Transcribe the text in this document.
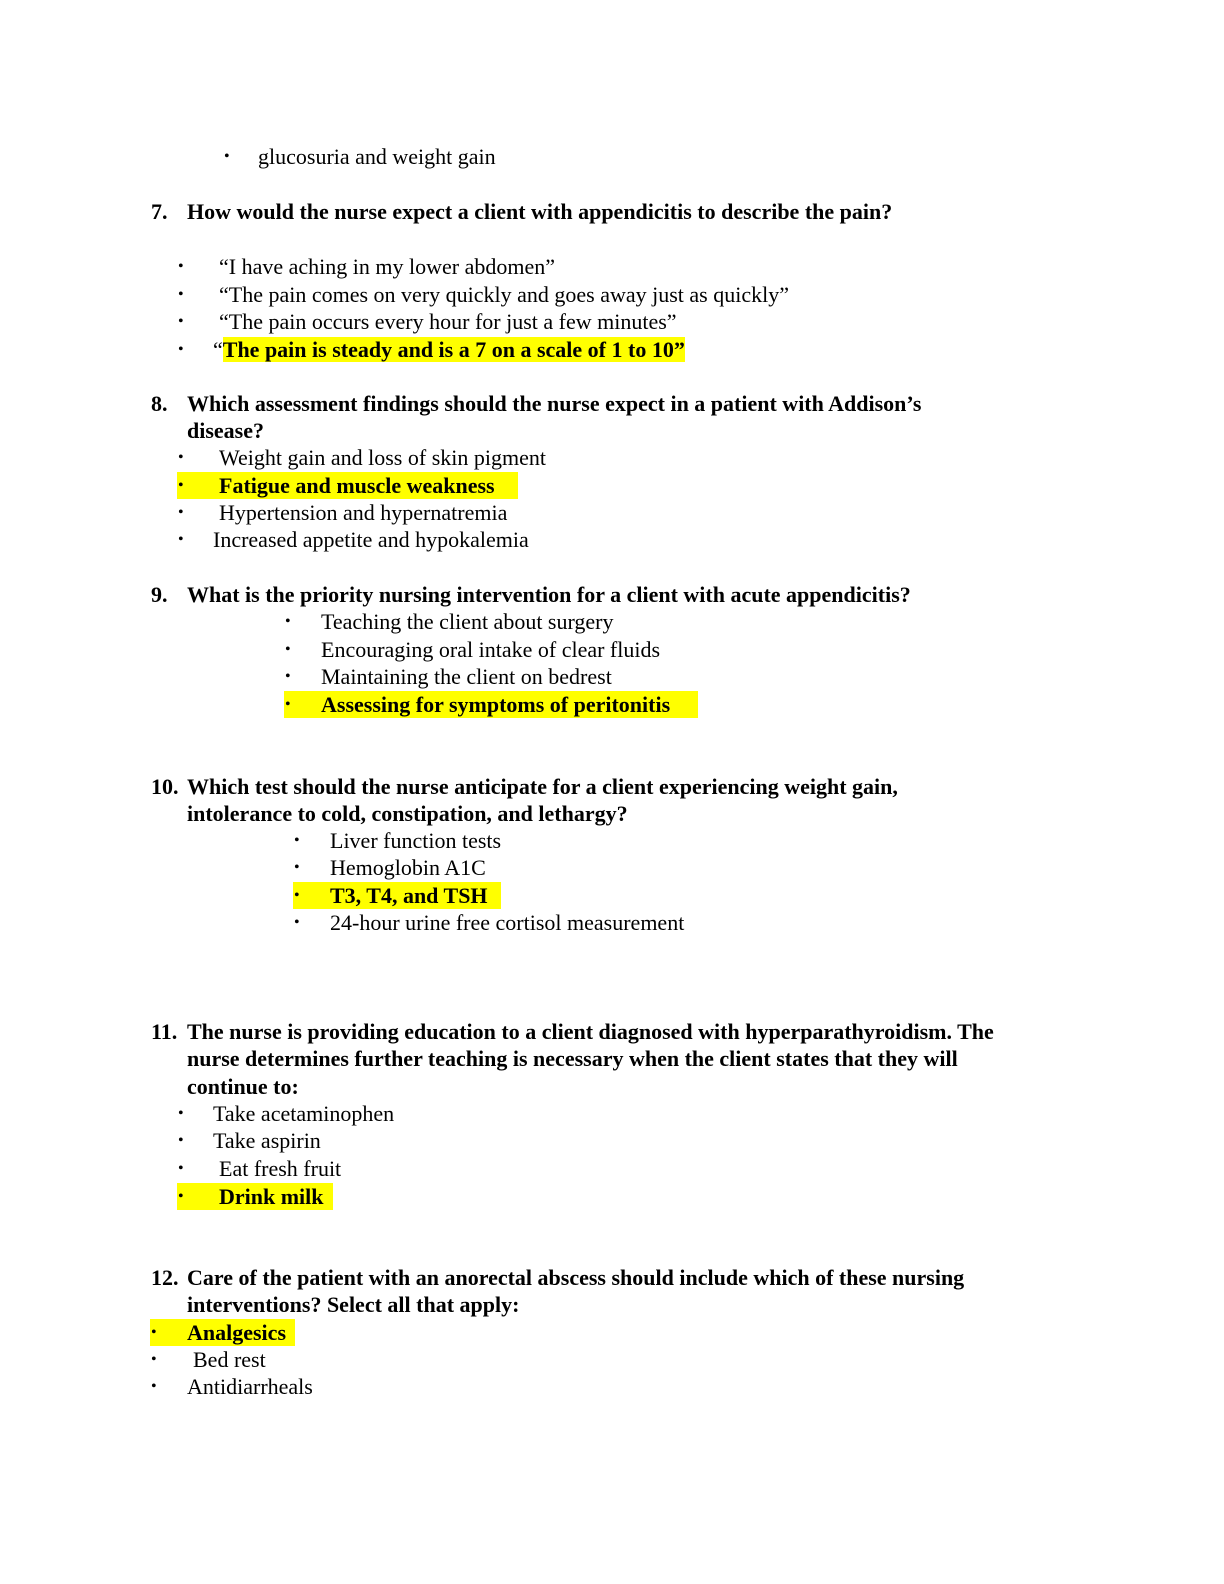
• glucosuria and weight gain
7. How would the nurse expect a client with appendicitis to describe the pain?
• “I have aching in my lower abdomen”
• “The pain comes on very quickly and goes away just as quickly”
• “The pain occurs every hour for just a few minutes”
• “The pain is steady and is a 7 on a scale of 1 to 10”
8. Which assessment findings should the nurse expect in a patient with Addison’s
disease?
• Weight gain and loss of skin pigment
• Fatigue and muscle weakness
• Hypertension and hypernatremia
• Increased appetite and hypokalemia
9. What is the priority nursing intervention for a client with acute appendicitis?
• Teaching the client about surgery
• Encouraging oral intake of clear fluids
• Maintaining the client on bedrest
• Assessing for symptoms of peritonitis
10. Which test should the nurse anticipate for a client experiencing weight gain,
intolerance to cold, constipation, and lethargy?
• Liver function tests
• Hemoglobin A1C
• T3, T4, and TSH
• 24-hour urine free cortisol measurement
11. The nurse is providing education to a client diagnosed with hyperparathyroidism. The
nurse determines further teaching is necessary when the client states that they will
continue to:
• Take acetaminophen
• Take aspirin
• Eat fresh fruit
• Drink milk
12. Care of the patient with an anorectal abscess should include which of these nursing
interventions? Select all that apply:
• Analgesics
• Bed rest
• Antidiarrheals
